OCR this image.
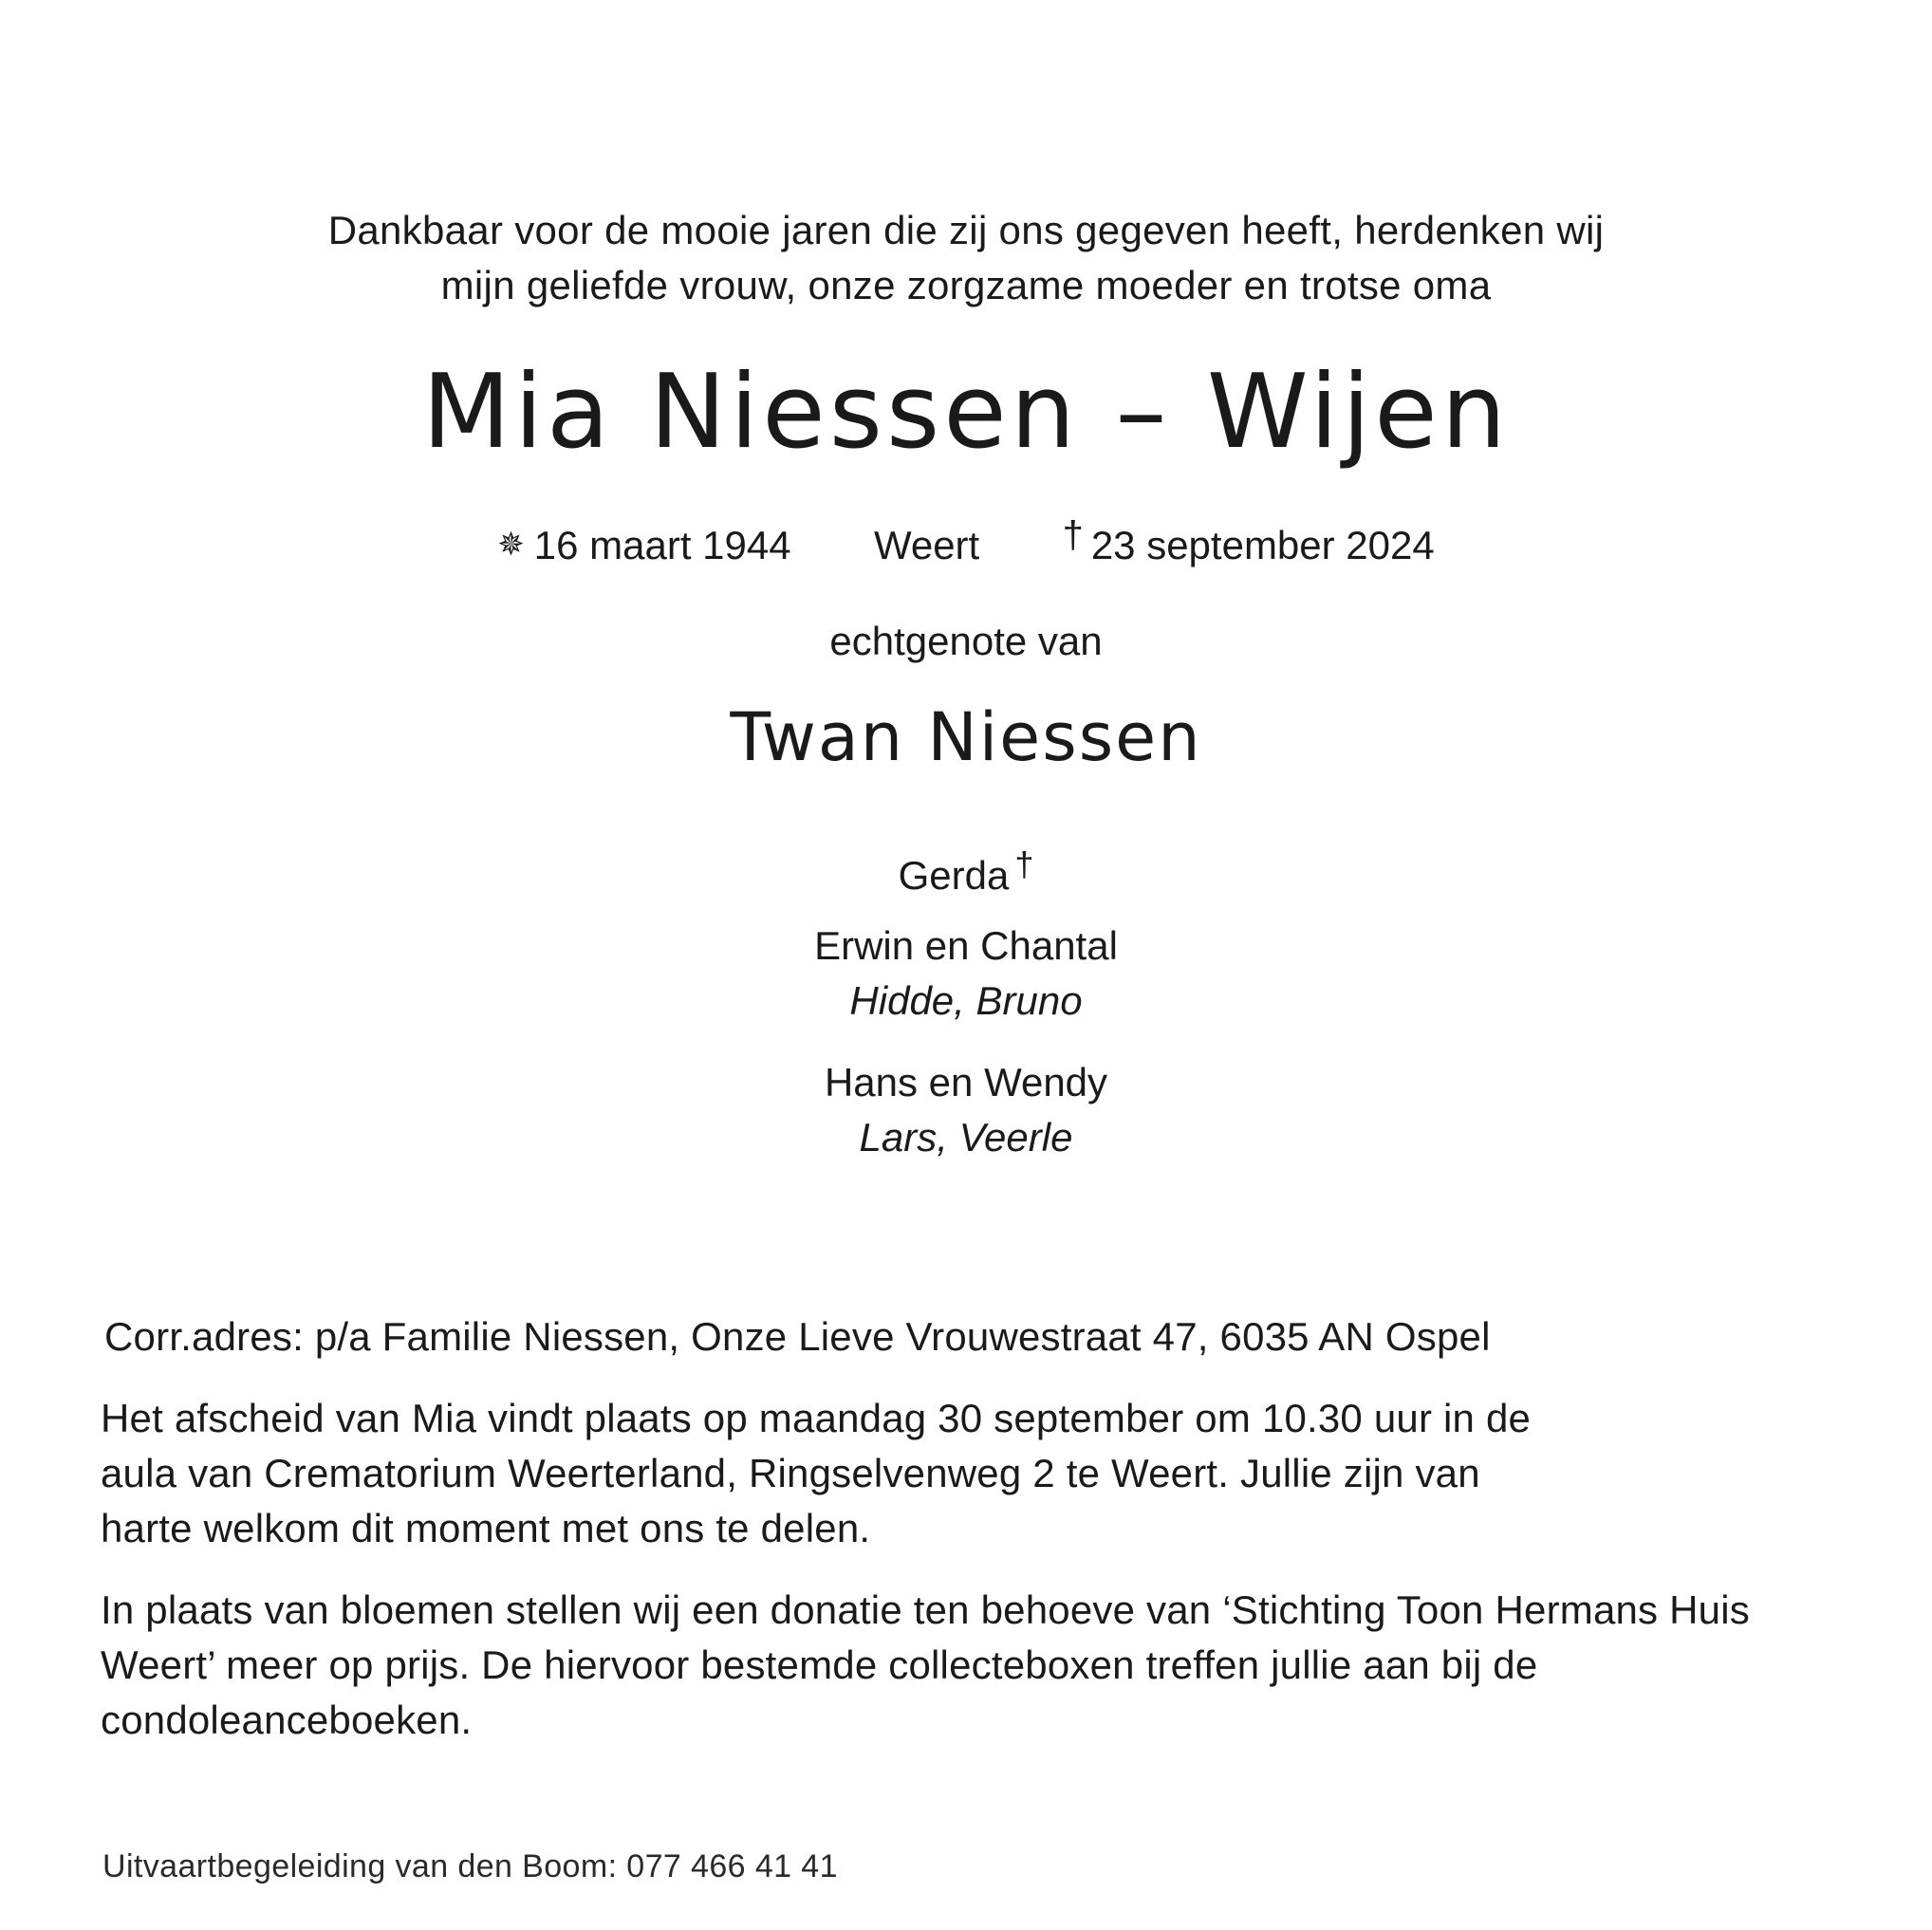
Dankbaar voor de mooie jaren die zij ons gegeven heeft, herdenken wij
mijn geliefde vrouw, onze zorgzame moeder en trotse oma
Mia Niessen – Wijen
✵ 16 maart 1944 Weert † 23 september 2024
echtgenote van
Twan Niessen
Gerda †
Erwin en Chantal
Hidde, Bruno
Hans en Wendy
Lars, Veerle
Corr.adres: p/a Familie Niessen, Onze Lieve Vrouwestraat 47, 6035 AN Ospel
Het afscheid van Mia vindt plaats op maandag 30 september om 10.30 uur in de
aula van Crematorium Weerterland, Ringselvenweg 2 te Weert. Jullie zijn van
harte welkom dit moment met ons te delen.
In plaats van bloemen stellen wij een donatie ten behoeve van ‘Stichting Toon Hermans Huis
Weert’ meer op prijs. De hiervoor bestemde collecteboxen treffen jullie aan bij de
condoleanceboeken.
Uitvaartbegeleiding van den Boom: 077 466 41 41
